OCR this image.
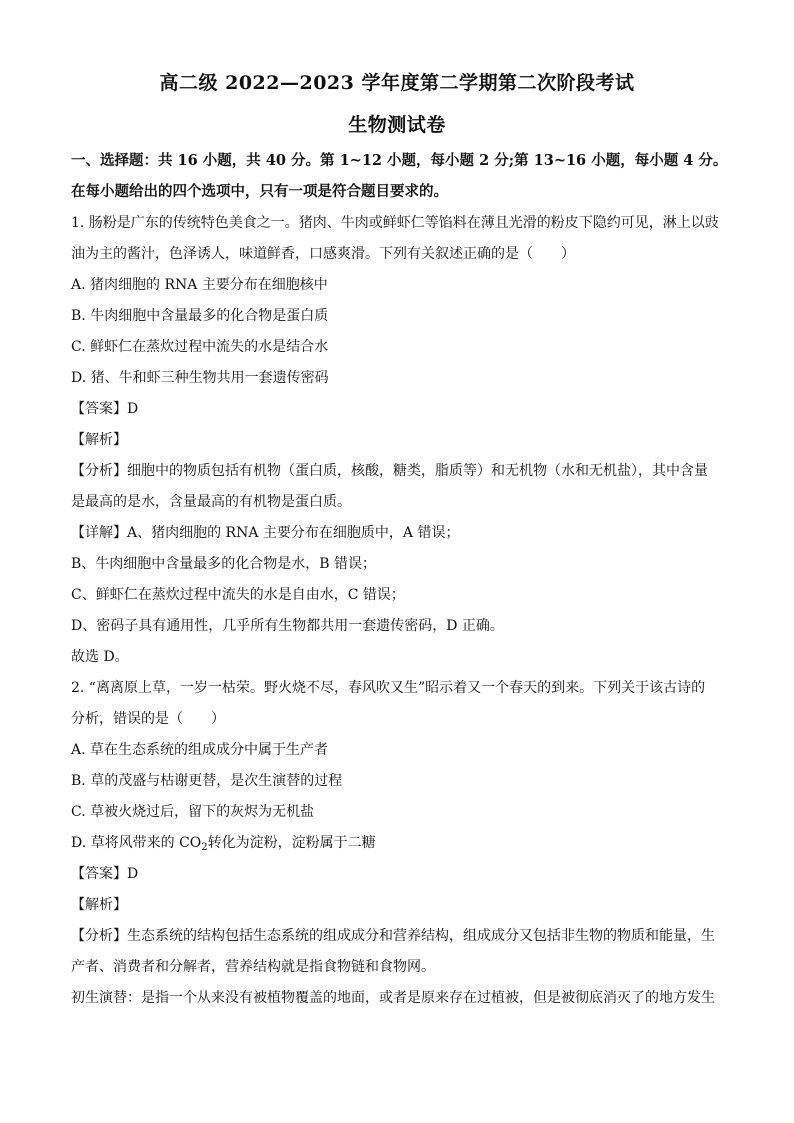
高二级 2022—2023 学年度第二学期第二次阶段考试
生物测试卷
一、选择题：共 16 小题，共 40 分。第 1~12 小题，每小题 2 分;第 13~16 小题，每小题 4 分。
在每小题给出的四个选项中，只有一项是符合题目要求的。
1. 肠粉是广东的传统特色美食之一。猪肉、牛肉或鲜虾仁等馅料在薄且光滑的粉皮下隐约可见，淋上以豉
油为主的酱汁，色泽诱人，味道鲜香，口感爽滑。下列有关叙述正确的是（　　）
A. 猪肉细胞的 RNA 主要分布在细胞核中
B. 牛肉细胞中含量最多的化合物是蛋白质
C. 鲜虾仁在蒸炊过程中流失的水是结合水
D. 猪、牛和虾三种生物共用一套遗传密码
【答案】D
【解析】
【分析】细胞中的物质包括有机物（蛋白质，核酸，糖类，脂质等）和无机物（水和无机盐），其中含量
是最高的是水，含量最高的有机物是蛋白质。
【详解】A、猪肉细胞的 RNA 主要分布在细胞质中，A 错误；
B、牛肉细胞中含量最多的化合物是水，B 错误；
C、鲜虾仁在蒸炊过程中流失的水是自由水，C 错误；
D、密码子具有通用性，几乎所有生物都共用一套遗传密码，D 正确。
故选 D。
2. “离离原上草，一岁一枯荣。野火烧不尽，春风吹又生”昭示着又一个春天的到来。下列关于该古诗的
分析，错误的是（　　）
A. 草在生态系统的组成成分中属于生产者
B. 草的茂盛与枯谢更替，是次生演替的过程
C. 草被火烧过后，留下的灰烬为无机盐
D. 草将风带来的 $CO_2$转化为淀粉，淀粉属于二糖
【答案】D
【解析】
【分析】生态系统的结构包括生态系统的组成成分和营养结构，组成成分又包括非生物的物质和能量，生
产者、消费者和分解者，营养结构就是指食物链和食物网。
初生演替：是指一个从来没有被植物覆盖的地面，或者是原来存在过植被，但是被彻底消灭了的地方发生
